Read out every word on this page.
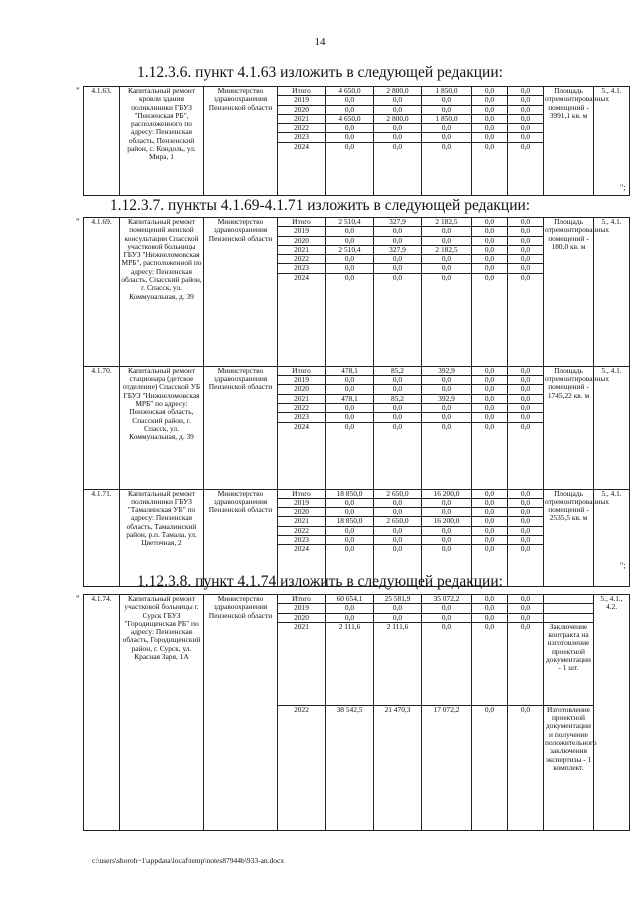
14
1.12.3.6. пункт 4.1.63 изложить в следующей редакции:
" 4.1.63.	Капитальный ремонт кровли здания поликлиники ГБУЗ "Пензенская РБ", расположенного по адресу: Пензенская область, Пензенский район, с. Кондоль, ул. Мира, 1	Министерство здравоохранения Пензенской области	Итого	4 650,0	2 800,0	1 850,0	0,0	0,0	Площадь отремонтированных помещений - 3991,1 кв. м	5., 4.1.
			2019	0,0	0,0	0,0	0,0	0,0		
			2020	0,0	0,0	0,0	0,0	0,0		
			2021	4 650,0	2 800,0	1 850,0	0,0	0,0		
			2022	0,0	0,0	0,0	0,0	0,0		
			2023	0,0	0,0	0,0	0,0	0,0		
			2024	0,0	0,0	0,0	0,0	0,0		
";
1.12.3.7. пункты 4.1.69-4.1.71 изложить в следующей редакции:
" 4.1.69.	Капитальный ремонт помещений женской консультации Спасской участковой больницы ГБУЗ "Нижнеломовская МРБ", расположенной по адресу: Пензенская область, Спасский район, г. Спасск, ул. Коммунальная, д. 39	Министерство здравоохранения Пензенской области	Итого	2 510,4	327,9	2 182,5	0,0	0,0	Площадь отремонтированных помещений - 180,0 кв. м	5., 4.1.
			2019	0,0	0,0	0,0	0,0	0,0		
			2020	0,0	0,0	0,0	0,0	0,0		
			2021	2 510,4	327,9	2 182,5	0,0	0,0		
			2022	0,0	0,0	0,0	0,0	0,0		
			2023	0,0	0,0	0,0	0,0	0,0		
			2024	0,0	0,0	0,0	0,0	0,0		
4.1.70.	Капитальный ремонт стационара (детское отделение) Спасской УБ ГБУЗ "Нижнеломовская МРБ" по адресу: Пензенская область, Спасский район, г. Спасск, ул. Коммунальная, д. 39	Министерство здравоохранения Пензенской области	Итого	478,1	85,2	392,9	0,0	0,0	Площадь отремонтированных помещений - 1745,22 кв. м	5., 4.1.
			2019	0,0	0,0	0,0	0,0	0,0		
			2020	0,0	0,0	0,0	0,0	0,0		
			2021	478,1	85,2	392,9	0,0	0,0		
			2022	0,0	0,0	0,0	0,0	0,0		
			2023	0,0	0,0	0,0	0,0	0,0		
			2024	0,0	0,0	0,0	0,0	0,0		
4.1.71.	Капитальный ремонт поликлиники ГБУЗ "Тамалинская УБ" по адресу: Пензенская область, Тамалинский район, р.п. Тамала, ул. Цветочная, 2	Министерство здравоохранения Пензенской области	Итого	18 850,0	2 650,0	16 200,0	0,0	0,0	Площадь отремонтированных помещений - 2535,5 кв. м	5., 4.1.
			2019	0,0	0,0	0,0	0,0	0,0		
			2020	0,0	0,0	0,0	0,0	0,0		
			2021	18 850,0	2 650,0	16 200,0	0,0	0,0		
			2022	0,0	0,0	0,0	0,0	0,0		
			2023	0,0	0,0	0,0	0,0	0,0		
			2024	0,0	0,0	0,0	0,0	0,0		
";
1.12.3.8. пункт 4.1.74 изложить в следующей редакции:
" 4.1.74.	Капитальный ремонт участковой больницы г. Сурск ГБУЗ "Городищенская РБ" по адресу: Пензенская область, Городищенский район, г. Сурск, ул. Красная Заря, 1А	Министерство здравоохранения Пензенской области	Итого	60 654,1	25 581,9	35 072,2	0,0	0,0		5., 4.1., 4.2.
			2019	0,0	0,0	0,0	0,0	0,0		
			2020	0,0	0,0	0,0	0,0	0,0		
			2021	2 111,6	2 111,6	0,0	0,0	0,0	Заключение контракта на изготовление проектной документации - 1 шт.	
			2022	38 542,5	21 470,3	17 072,2	0,0	0,0	Изготовление проектной документации и получение положительного заключения экспертизы - 1 комплект.	
c:\users\shoroh~1\appdata\local\temp\notes87944b\933-an.docx
